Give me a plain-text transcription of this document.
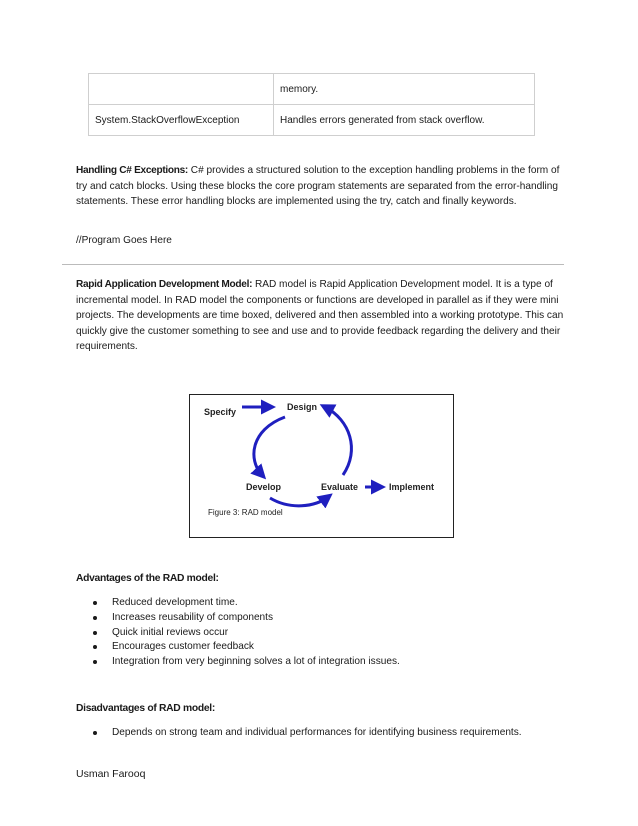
	memory.
System.StackOverflowException	Handles errors generated from stack overflow.

Handling C# Exceptions: C# provides a structured solution to the exception handling problems in the form of try and catch blocks. Using these blocks the core program statements are separated from the error-handling statements. These error handling blocks are implemented using the try, catch and finally keywords.

//Program Goes Here

Rapid Application Development Model: RAD model is Rapid Application Development model. It is a type of incremental model. In RAD model the components or functions are developed in parallel as if they were mini projects. The developments are time boxed, delivered and then assembled into a working prototype. This can quickly give the customer something to see and use and to provide feedback regarding the delivery and their requirements.

Specify	Design
Develop	Evaluate	Implement
Figure 3: RAD model
Advantages of the RAD model:
Reduced development time.
Increases reusability of components
Quick initial reviews occur
Encourages customer feedback
Integration from very beginning solves a lot of integration issues.
Disadvantages of RAD model:
Depends on strong team and individual performances for identifying business requirements.
Usman Farooq
